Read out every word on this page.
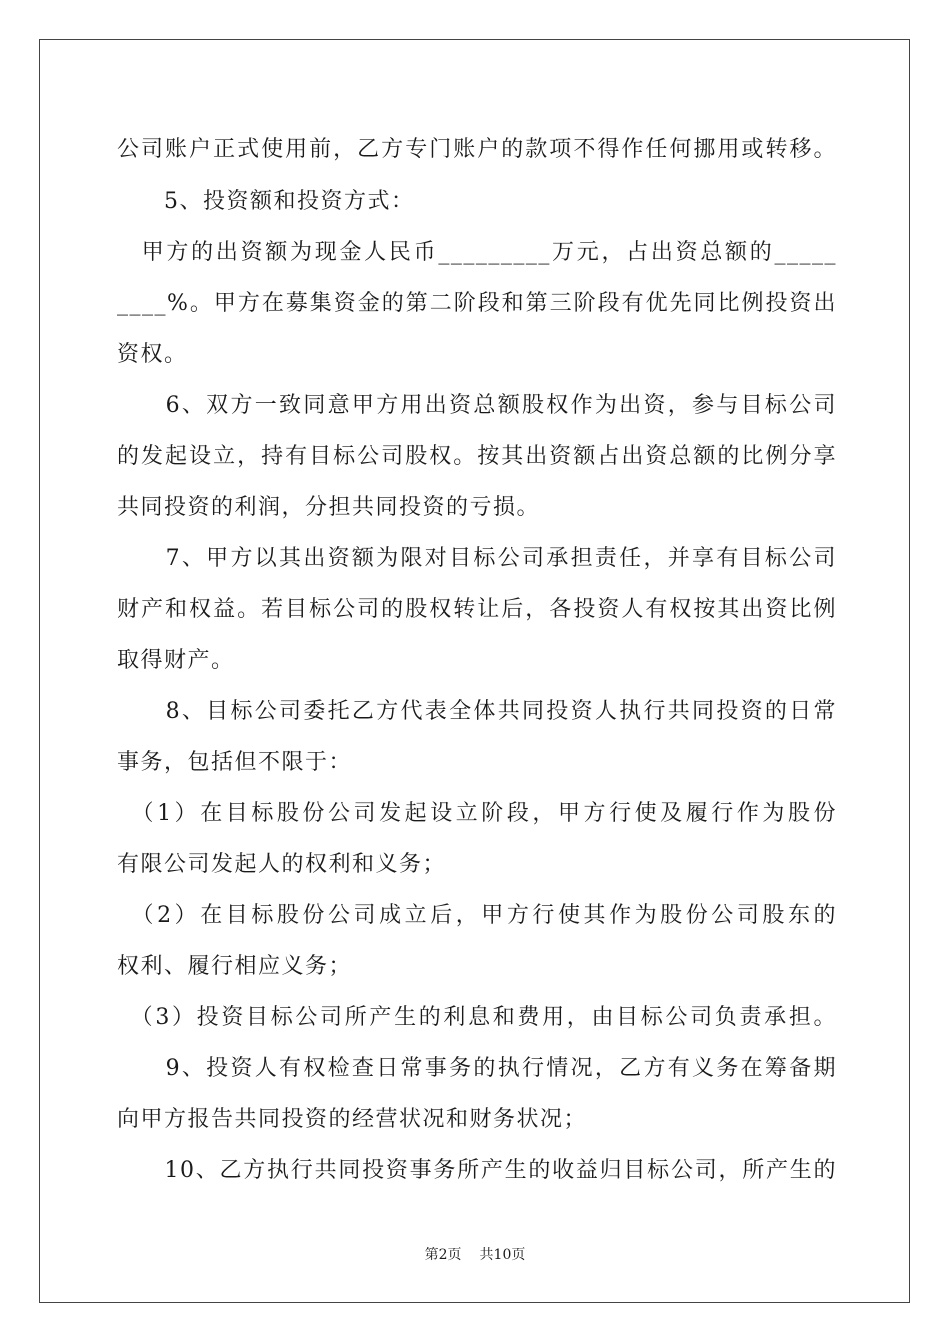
公司账户正式使用前，乙方专门账户的款项不得作任何挪用或转移。
　　5、投资额和投资方式：
　甲方的出资额为现金人民币_________万元，占出资总额的_____
____%。甲方在募集资金的第二阶段和第三阶段有优先同比例投资出
资权。
　　6、双方一致同意甲方用出资总额股权作为出资，参与目标公司
的发起设立，持有目标公司股权。按其出资额占出资总额的比例分享
共同投资的利润，分担共同投资的亏损。
　　7、甲方以其出资额为限对目标公司承担责任，并享有目标公司
财产和权益。若目标公司的股权转让后，各投资人有权按其出资比例
取得财产。
　　8、目标公司委托乙方代表全体共同投资人执行共同投资的日常
事务，包括但不限于：
　（1）在目标股份公司发起设立阶段，甲方行使及履行作为股份
有限公司发起人的权利和义务；
　（2）在目标股份公司成立后，甲方行使其作为股份公司股东的
权利、履行相应义务；
　（3）投资目标公司所产生的利息和费用，由目标公司负责承担。
　　9、投资人有权检查日常事务的执行情况，乙方有义务在筹备期
向甲方报告共同投资的经营状况和财务状况；
　　10、乙方执行共同投资事务所产生的收益归目标公司，所产生的
第2页 共10页
